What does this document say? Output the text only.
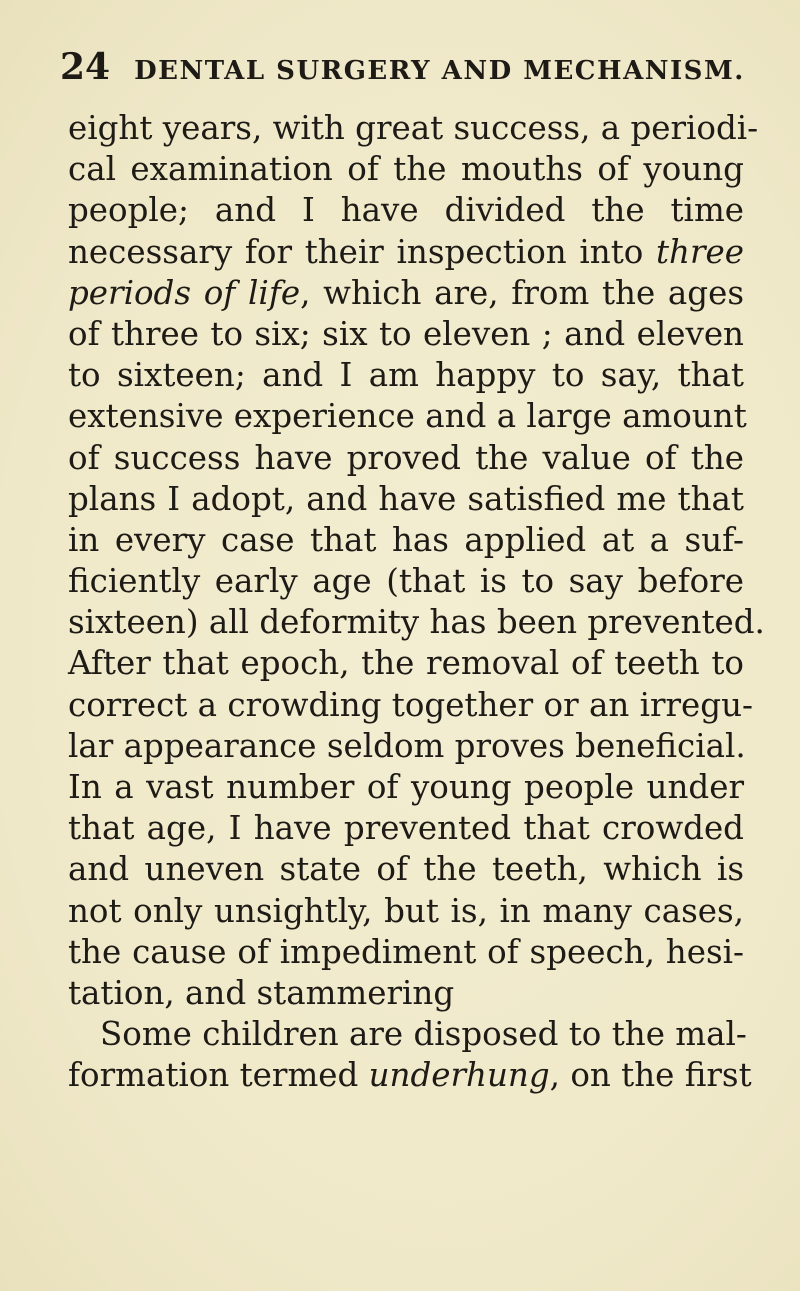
24 DENTAL SURGERY AND MECHANISM.
eight years, with great success, a periodi-
cal examination of the mouths of young
people; and I have divided the time
necessary for their inspection into three
periods of life, which are, from the ages
of three to six; six to eleven ; and eleven
to sixteen; and I am happy to say, that
extensive experience and a large amount
of success have proved the value of the
plans I adopt, and have satisfied me that
in every case that has applied at a suf-
ficiently early age (that is to say before
sixteen) all deformity has been prevented.
After that epoch, the removal of teeth to
correct a crowding together or an irregu-
lar appearance seldom proves beneficial.
In a vast number of young people under
that age, I have prevented that crowded
and uneven state of the teeth, which is
not only unsightly, but is, in many cases,
the cause of impediment of speech, hesi-
tation, and stammering
Some children are disposed to the mal-
formation termed underhung, on the first
